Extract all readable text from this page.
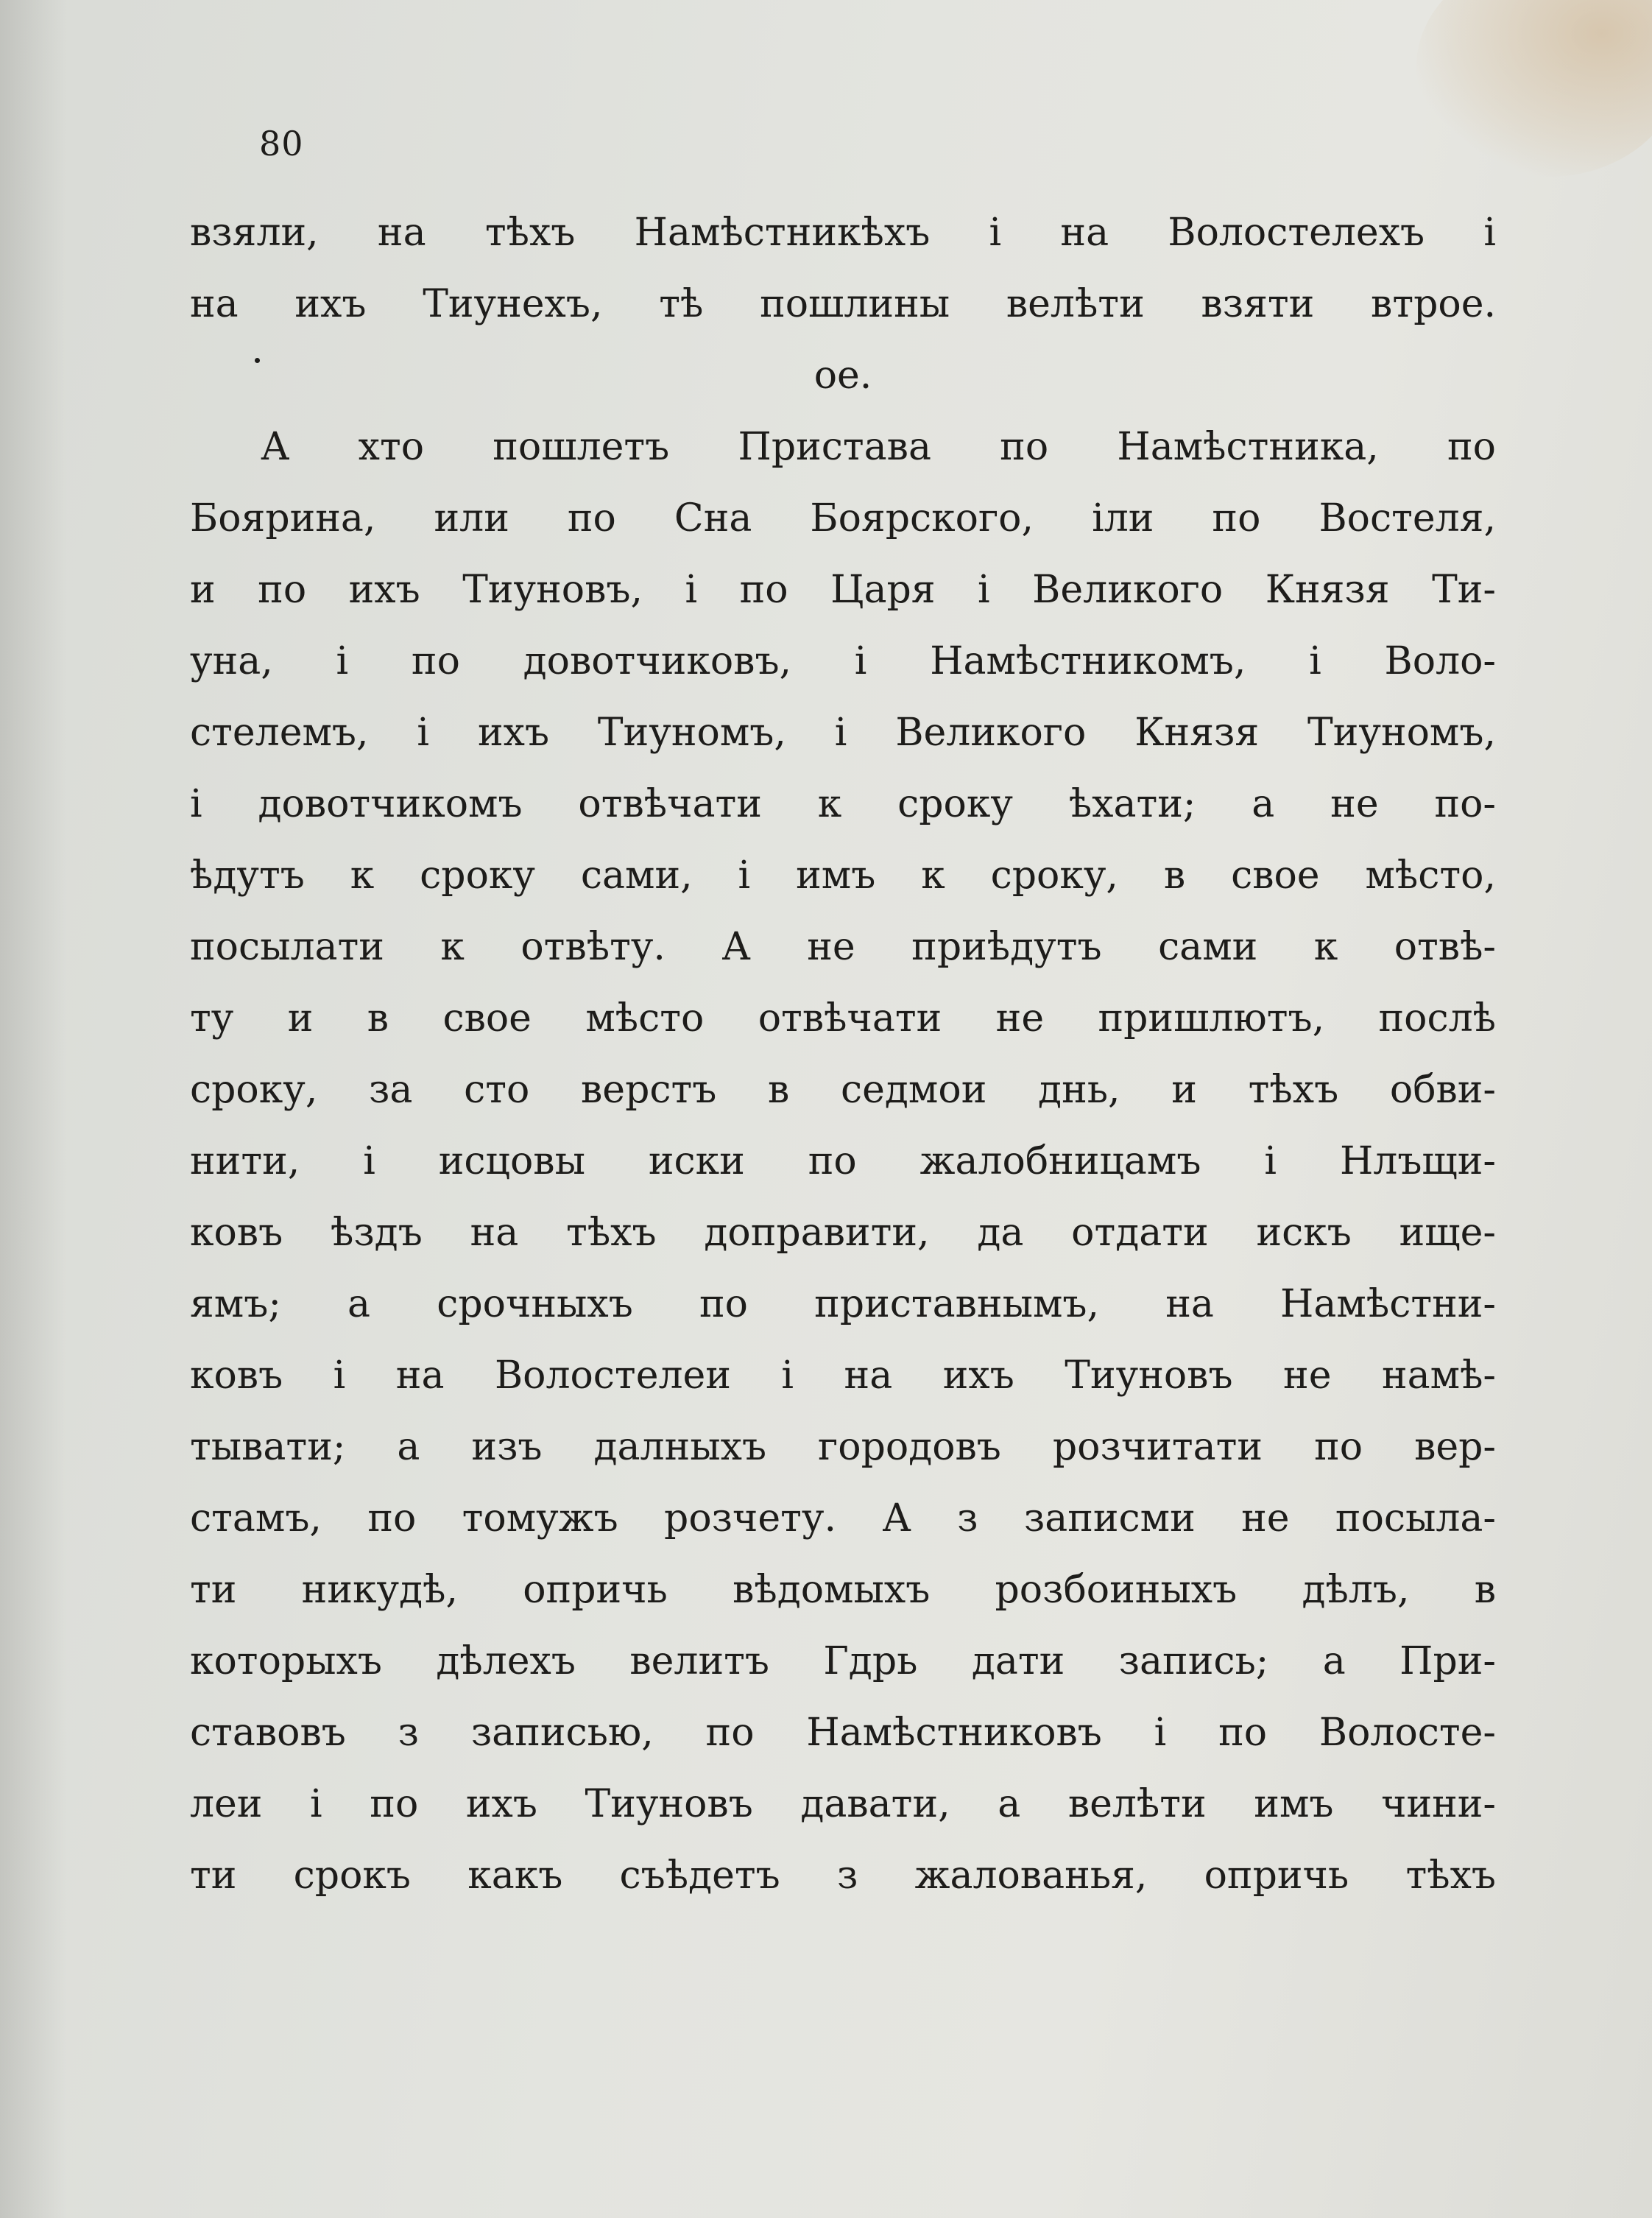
80
взяли, на тѣхъ Намѣстникѣхъ і на Волостелехъ і
на ихъ Тиунехъ, тѣ пошлины велѣти взяти втрое.
ое.
А хто пошлетъ Пристава по Намѣстника, по
Боярина, или по Сна Боярского, іли по Востеля,
и по ихъ Тиуновъ, і по Царя і Великого Князя Ти-
уна, і по довотчиковъ, і Намѣстникомъ, і Воло-
стелемъ, і ихъ Тиуномъ, і Великого Князя Тиуномъ,
і довотчикомъ отвѣчати к сроку ѣхати; а не по-
ѣдутъ к сроку сами, і имъ к сроку, в свое мѣсто,
посылати к отвѣту. А не приѣдутъ сами к отвѣ-
ту и в свое мѣсто отвѣчати не пришлютъ, послѣ
сроку, за сто верстъ в седмои днь, и тѣхъ обви-
нити, і исцовы иски по жалобницамъ і Нлъщи-
ковъ ѣздъ на тѣхъ доправити, да отдати искъ ище-
ямъ; а срочныхъ по приставнымъ, на Намѣстни-
ковъ і на Волостелеи і на ихъ Тиуновъ не намѣ-
тывати; а изъ далныхъ городовъ розчитати по вер-
стамъ, по томужъ розчету. А з записми не посыла-
ти никудѣ, опричь вѣдомыхъ розбоиныхъ дѣлъ, в
которыхъ дѣлехъ велитъ Гдрь дати запись; а При-
ставовъ з записью, по Намѣстниковъ і по Волосте-
леи і по ихъ Тиуновъ давати, а велѣти имъ чини-
ти срокъ какъ съѣдетъ з жалованья, опричь тѣхъ
